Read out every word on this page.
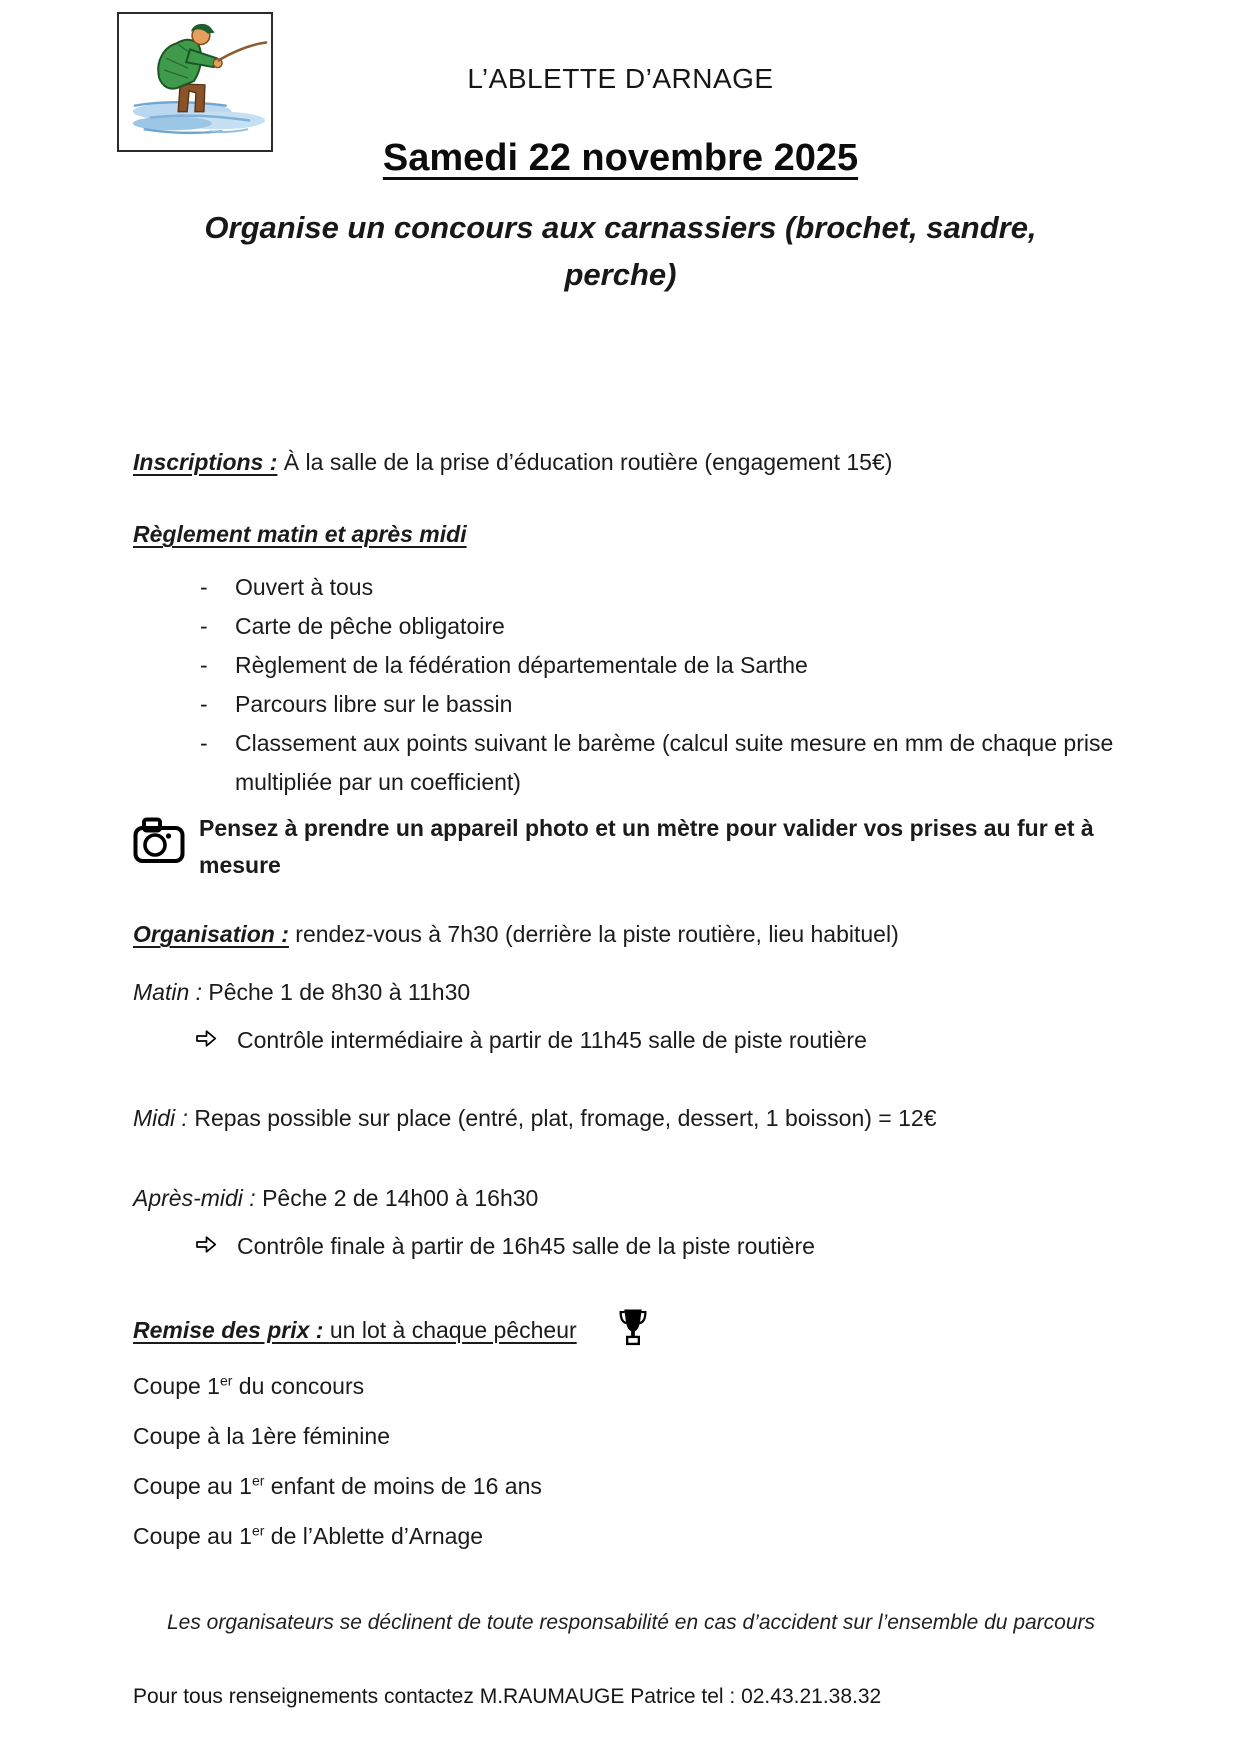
L’ABLETTE D’ARNAGE
Samedi 22 novembre 2025
Organise un concours aux carnassiers (brochet, sandre,
perche)

Inscriptions : À la salle de la prise d’éducation routière (engagement 15€)

Règlement matin et après midi

-	Ouvert à tous
-	Carte de pêche obligatoire
-	Règlement de la fédération départementale de la Sarthe
-	Parcours libre sur le bassin
-	Classement aux points suivant le barème (calcul suite mesure en mm de chaque prise multipliée par un coefficient)
Pensez à prendre un appareil photo et un mètre pour valider vos prises au fur et à mesure

Organisation : rendez-vous à 7h30 (derrière la piste routière, lieu habituel)

Matin : Pêche 1 de 8h30 à 11h30

Contrôle intermédiaire à partir de 11h45 salle de piste routière

Midi : Repas possible sur place (entré, plat, fromage, dessert, 1 boisson) = 12€

Après-midi : Pêche 2 de 14h00 à 16h30

Contrôle finale à partir de 16h45 salle de la piste routière
Remise des prix : un lot à chaque pêcheur

Coupe 1er du concours

Coupe à la 1ère féminine

Coupe au 1er enfant de moins de 16 ans

Coupe au 1er de l’Ablette d’Arnage

Les organisateurs se déclinent de toute responsabilité en cas d’accident sur l’ensemble du parcours

Pour tous renseignements contactez M.RAUMAUGE Patrice tel : 02.43.21.38.32
